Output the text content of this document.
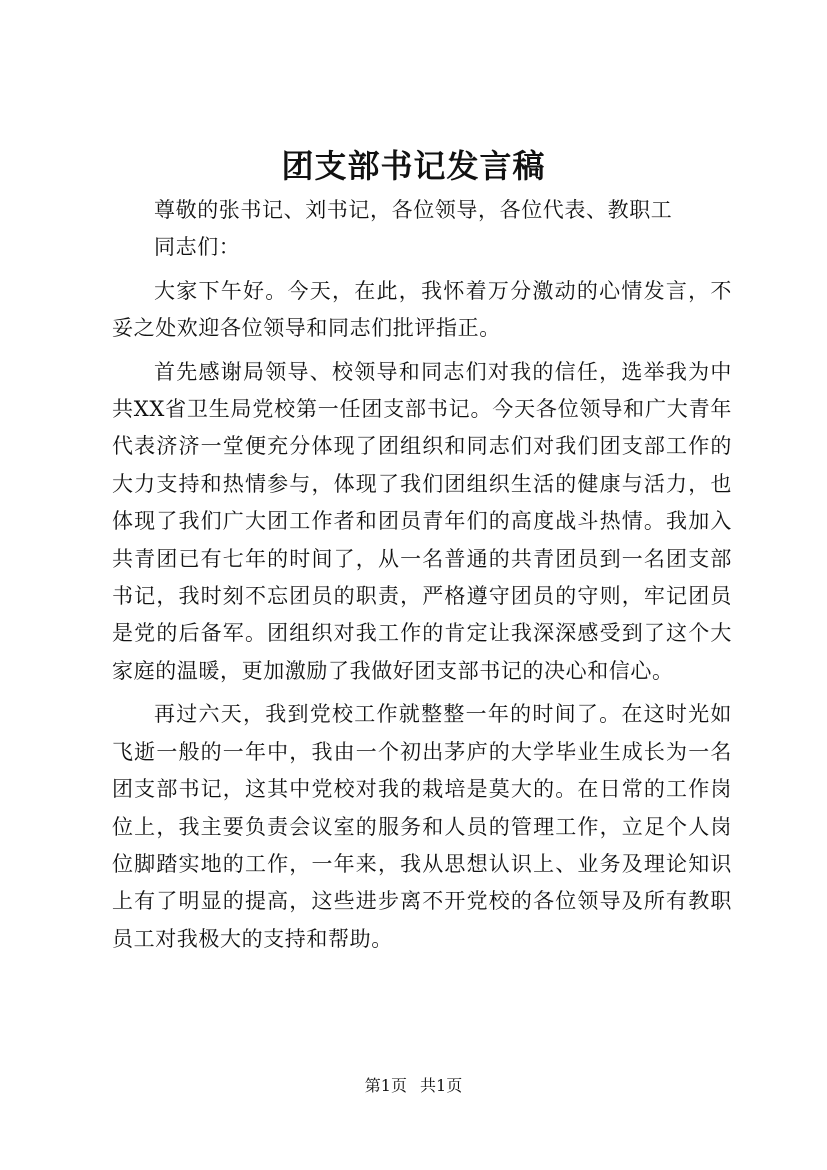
团支部书记发言稿

尊敬的张书记、刘书记，各位领导，各位代表、教职工

同志们：

大家下午好。今天，在此，我怀着万分激动的心情发言，不妥之处欢迎各位领导和同志们批评指正。

首先感谢局领导、校领导和同志们对我的信任，选举我为中共XX省卫生局党校第一任团支部书记。今天各位领导和广大青年代表济济一堂便充分体现了团组织和同志们对我们团支部工作的大力支持和热情参与，体现了我们团组织生活的健康与活力，也体现了我们广大团工作者和团员青年们的高度战斗热情。我加入共青团已有七年的时间了，从一名普通的共青团员到一名团支部书记，我时刻不忘团员的职责，严格遵守团员的守则，牢记团员是党的后备军。团组织对我工作的肯定让我深深感受到了这个大家庭的温暖，更加激励了我做好团支部书记的决心和信心。

再过六天，我到党校工作就整整一年的时间了。在这时光如飞逝一般的一年中，我由一个初出茅庐的大学毕业生成长为一名团支部书记，这其中党校对我的栽培是莫大的。在日常的工作岗位上，我主要负责会议室的服务和人员的管理工作，立足个人岗位脚踏实地的工作，一年来，我从思想认识上、业务及理论知识上有了明显的提高，这些进步离不开党校的各位领导及所有教职员工对我极大的支持和帮助。

第1页 共1页
